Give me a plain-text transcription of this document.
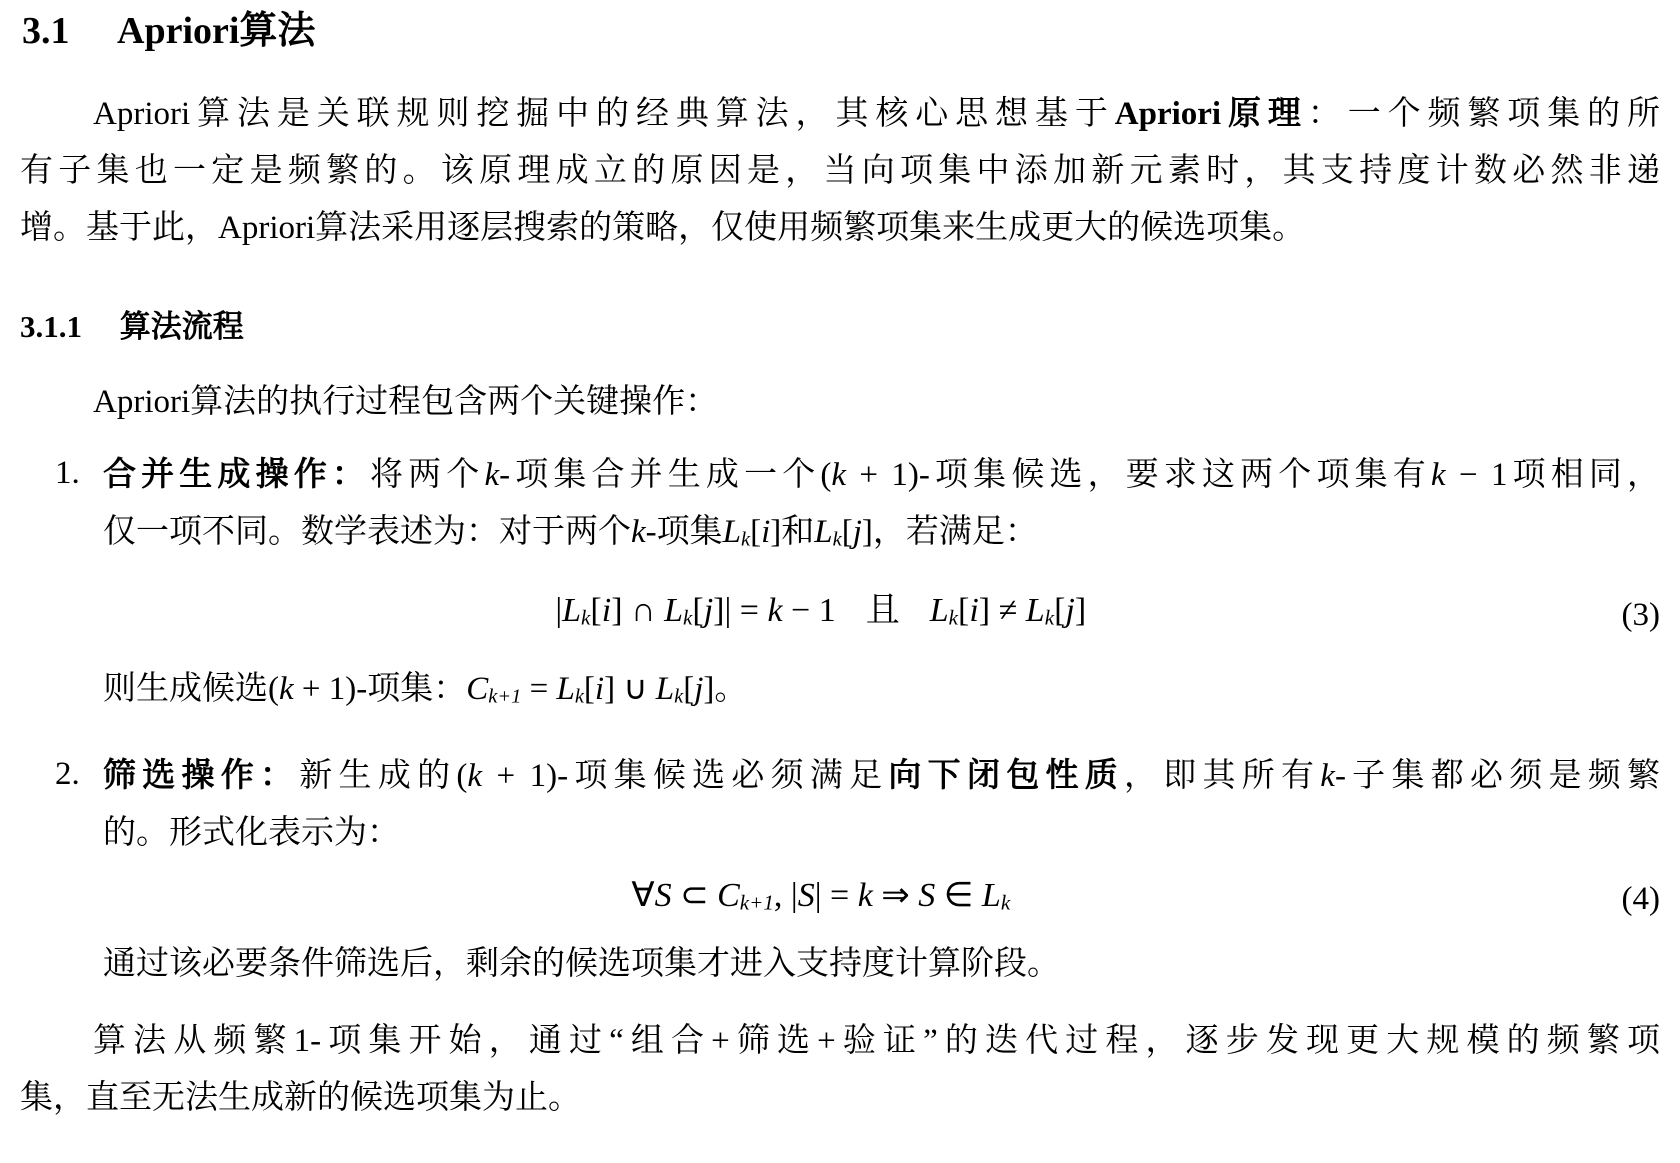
3.1 Apriori算法
Apriori算法是关联规则挖掘中的经典算法，其核心思想基于Apriori原理：一个频繁项集的所
有子集也一定是频繁的。该原理成立的原因是，当向项集中添加新元素时，其支持度计数必然非递
增。基于此，Apriori算法采用逐层搜索的策略，仅使用频繁项集来生成更大的候选项集。
3.1.1 算法流程
Apriori算法的执行过程包含两个关键操作：
1. 合并生成操作：将两个k-项集合并生成一个(k + 1)-项集候选，要求这两个项集有k − 1项相同，
仅一项不同。数学表述为：对于两个k-项集Lk[i]和Lk[j]，若满足：
|Lk[i] ∩ Lk[j]| = k − 1 且 Lk[i] ≠ Lk[j]	(3)
则生成候选(k + 1)-项集：Ck+1 = Lk[i] ∪ Lk[j]。
2. 筛选操作：新生成的(k + 1)-项集候选必须满足向下闭包性质，即其所有k-子集都必须是频繁
的。形式化表示为：
∀S ⊂ Ck+1, |S| = k ⇒ S ∈ Lk	(4)
通过该必要条件筛选后，剩余的候选项集才进入支持度计算阶段。
算法从频繁1-项集开始，通过“组合+筛选+验证”的迭代过程，逐步发现更大规模的频繁项
集，直至无法生成新的候选项集为止。
